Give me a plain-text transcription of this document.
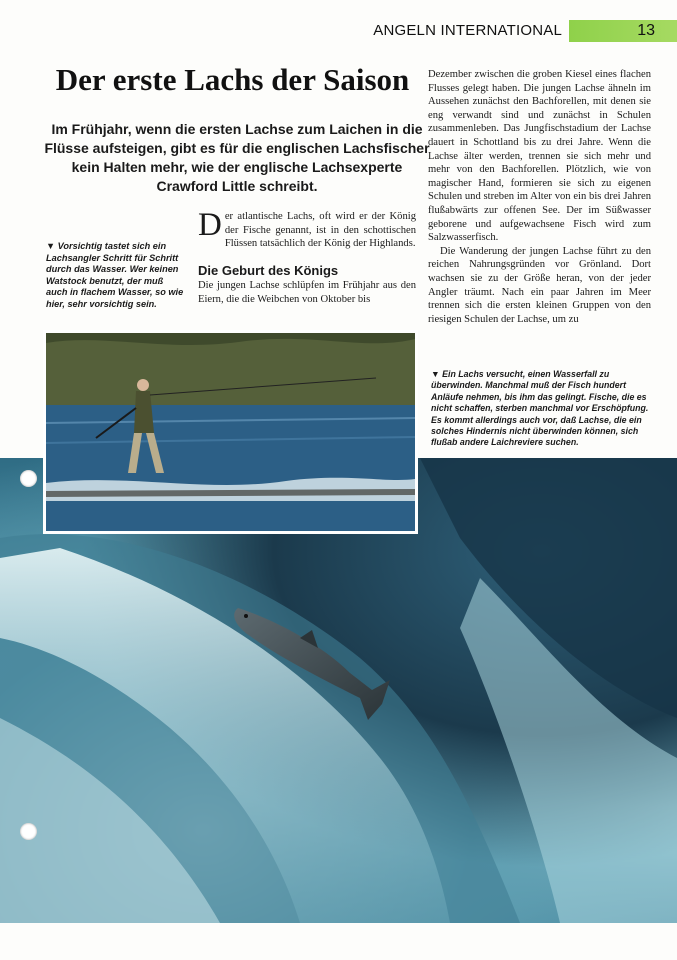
ANGELN INTERNATIONAL	13
Der erste Lachs der Saison

Im Frühjahr, wenn die ersten Lachse zum Laichen in die Flüsse aufsteigen, gibt es für die englischen Lachsfischer kein Halten mehr, wie der englische Lachsexperte Crawford Little schreibt.

▼ Vorsichtig tastet sich ein Lachsangler Schritt für Schritt durch das Wasser. Wer keinen Watstock benutzt, der muß auch in flachem Wasser, so wie hier, sehr vorsichtig sein.

Der atlantische Lachs, oft wird er der König der Fische genannt, ist in den schottischen Flüssen tatsächlich der König der Highlands.
Die Geburt des Königs

Die jungen Lachse schlüpfen im Frühjahr aus den Eiern, die die Weibchen von Oktober bis

Dezember zwischen die groben Kiesel eines flachen Flusses gelegt haben. Die jungen Lachse ähneln im Aussehen zunächst den Bachforellen, mit denen sie eng verwandt sind und zunächst in Schulen zusammenleben. Das Jungfischstadium der Lachse dauert in Schottland bis zu drei Jahre. Wenn die Lachse älter werden, trennen sie sich mehr und mehr von den Bachforellen. Plötzlich, wie von magischer Hand, formieren sie sich zu eigenen Schulen und streben im Alter von ein bis drei Jahren flußabwärts zur offenen See. Der im Süßwasser geborene und aufgewachsene Fisch wird zum Salzwasserfisch.

Die Wanderung der jungen Lachse führt zu den reichen Nahrungsgründen vor Grönland. Dort wachsen sie zu der Größe heran, von der jeder Angler träumt. Nach ein paar Jahren im Meer trennen sich die ersten kleinen Gruppen von den riesigen Schulen der Lachse, um zu

▼ Ein Lachs versucht, einen Wasserfall zu überwinden. Manchmal muß der Fisch hundert Anläufe nehmen, bis ihm das gelingt. Fische, die es nicht schaffen, sterben manchmal vor Erschöpfung. Es kommt allerdings auch vor, daß Lachse, die ein solches Hindernis nicht überwinden können, sich flußab andere Laichreviere suchen.
